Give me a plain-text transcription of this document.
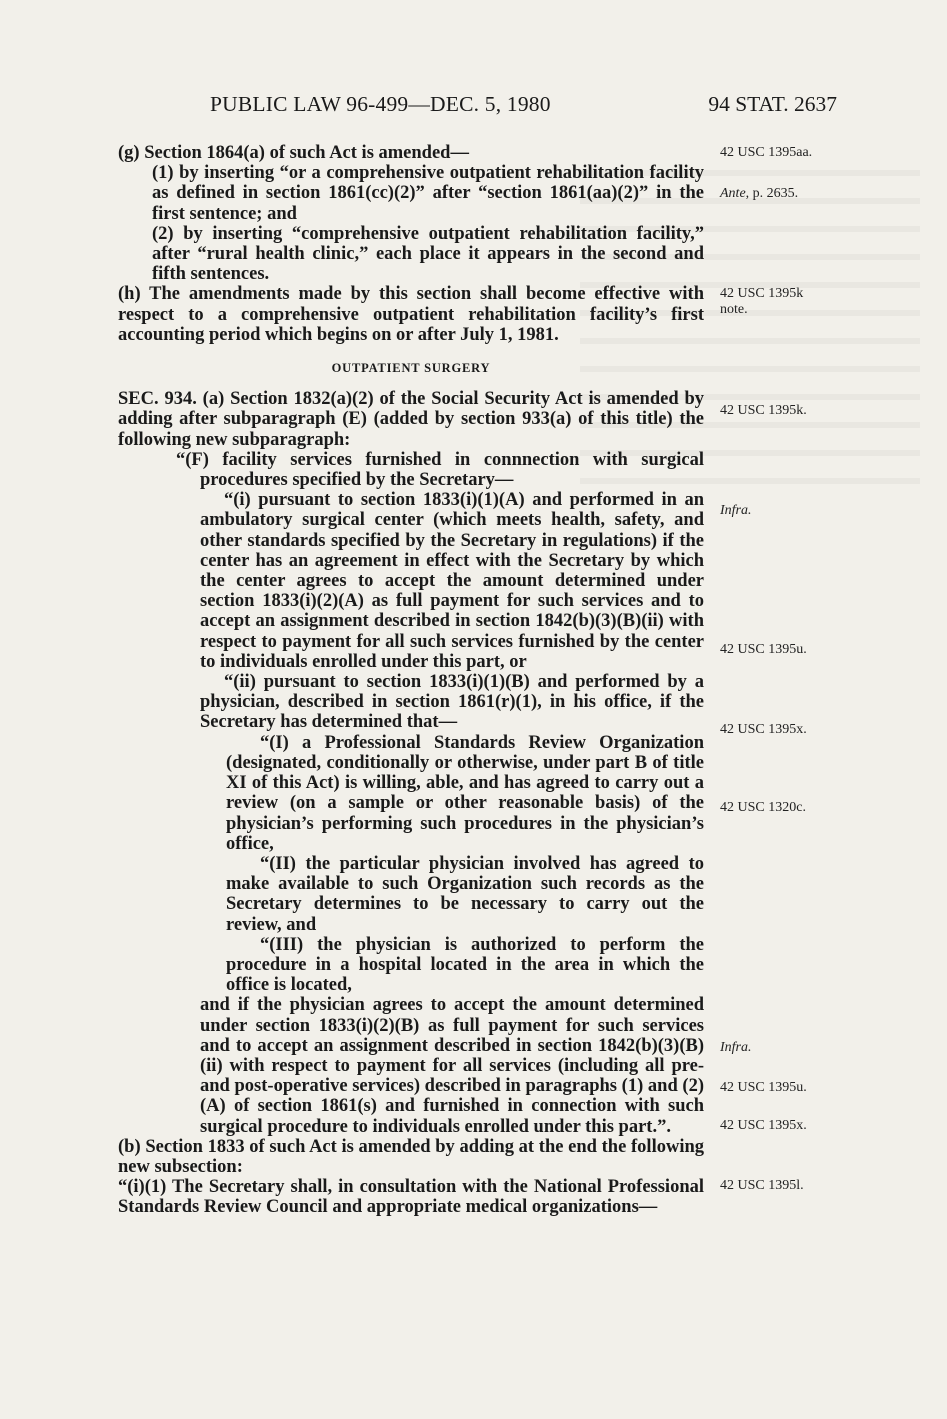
PUBLIC LAW 96-499—DEC. 5, 1980	94 STAT. 2637

(g) Section 1864(a) of such Act is amended—

(1) by inserting “or a comprehensive outpatient rehabilitation facility as defined in section 1861(cc)(2)” after “section 1861(aa)(2)” in the first sentence; and

(2) by inserting “comprehensive outpatient rehabilitation facility,” after “rural health clinic,” each place it appears in the second and fifth sentences.

(h) The amendments made by this section shall become effective with respect to a comprehensive outpatient rehabilitation facility’s first accounting period which begins on or after July 1, 1981.

OUTPATIENT SURGERY

SEC. 934. (a) Section 1832(a)(2) of the Social Security Act is amended by adding after subparagraph (E) (added by section 933(a) of this title) the following new subparagraph:

“(F) facility services furnished in connnection with surgical procedures specified by the Secretary—

“(i) pursuant to section 1833(i)(1)(A) and performed in an ambulatory surgical center (which meets health, safety, and other standards specified by the Secretary in regulations) if the center has an agreement in effect with the Secretary by which the center agrees to accept the amount determined under section 1833(i)(2)(A) as full payment for such services and to accept an assignment described in section 1842(b)(3)(B)(ii) with respect to payment for all such services furnished by the center to individuals enrolled under this part, or

“(ii) pursuant to section 1833(i)(1)(B) and performed by a physician, described in section 1861(r)(1), in his office, if the Secretary has determined that—

“(I) a Professional Standards Review Organization (designated, conditionally or otherwise, under part B of title XI of this Act) is willing, able, and has agreed to carry out a review (on a sample or other reasonable basis) of the physician’s performing such procedures in the physician’s office,

“(II) the particular physician involved has agreed to make available to such Organization such records as the Secretary determines to be necessary to carry out the review, and

“(III) the physician is authorized to perform the procedure in a hospital located in the area in which the office is located,

and if the physician agrees to accept the amount determined under section 1833(i)(2)(B) as full payment for such services and to accept an assignment described in section 1842(b)(3)(B)(ii) with respect to payment for all services (including all pre- and post-operative services) described in paragraphs (1) and (2)(A) of section 1861(s) and furnished in connection with such surgical procedure to individuals enrolled under this part.”.

(b) Section 1833 of such Act is amended by adding at the end the following new subsection:

“(i)(1) The Secretary shall, in consultation with the National Professional Standards Review Council and appropriate medical organizations—

42 USC 1395aa.
Ante, p. 2635.
42 USC 1395k
note.
42 USC 1395k.
Infra.
42 USC 1395u.
42 USC 1395x.
42 USC 1320c.
Infra.
42 USC 1395u.
42 USC 1395x.
42 USC 1395l.
